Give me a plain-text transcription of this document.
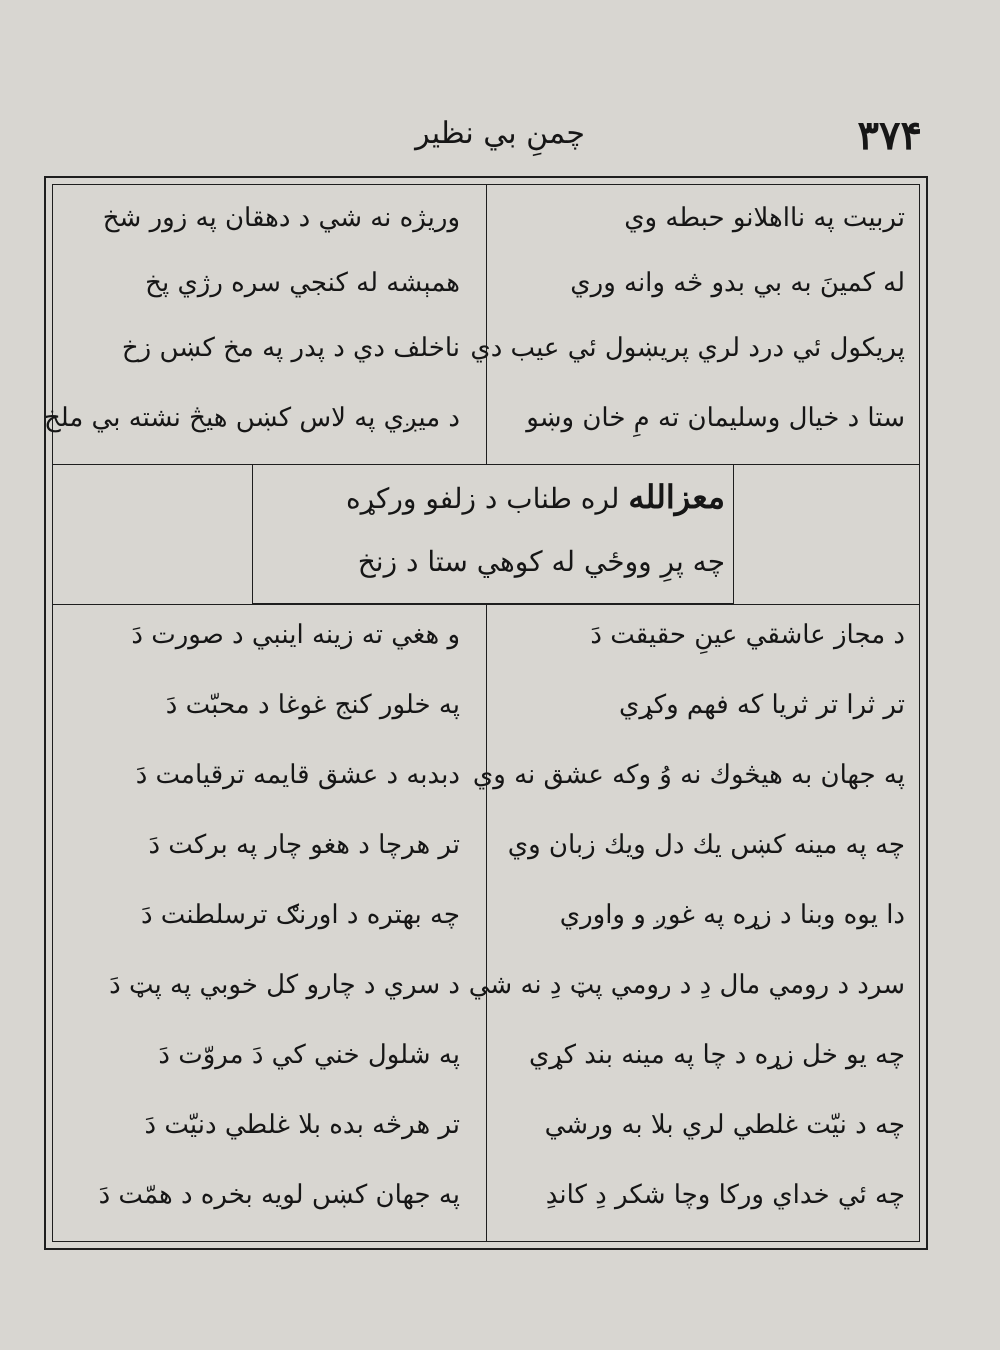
۳۷۴
چمنِ بي نظير
تربيت په نااهلانو حبطه وي
له كمينَ به بي بدو څه وانه وري
پريكول ئي درد لري پريښول ئي عيب دي
ستا د خيال وسليمان ته مِ خان وښو
وريژه نه شي د دهقان په زور شخ
همېشه له كنجي سره رژي پخ
ناخلف دي د پدر په مخ كښں زخ
د ميږي په لاس كښں هيڅ نشته بي ملخ
معزالله لره طناب د زلفو وركړه
چه پرِ ووځي له كوهي ستا د زنخ
د مجاز عاشقي عينِ حقيقت دَ
تر ثرا تر ثريا كه فهم وكړي
په جهان به هيڅوك نه وُ وكه عشق نه وي
چه په مينه كښں يك دل ويك زبان وي
دا يوه وبنا د زړه په غوږ و واوري
سرد د رومي مال دِ د رومي پټ دِ نه شي
چه يو خل زړه د چا په مينه بند كړي
چه د نيّت غلطي لري بلا به ورشي
چه ئي خداي وركا وچا شكر دِ كاندِ
و هغي ته زينه اينبي د صورت دَ
په خلور كنج غوغا د محبّت دَ
دبدبه د عشق قايمه ترقيامت دَ
تر هرچا د هغو چار په بركت دَ
چه بهتره د اورنګ ترسلطنت دَ
د سري د چارو كل خوبي په پټ دَ
په شلول خني كي دَ مروّت دَ
تر هرڅه بده بلا غلطي دنيّت دَ
په جهان كښں لويه بخره د همّت دَ
